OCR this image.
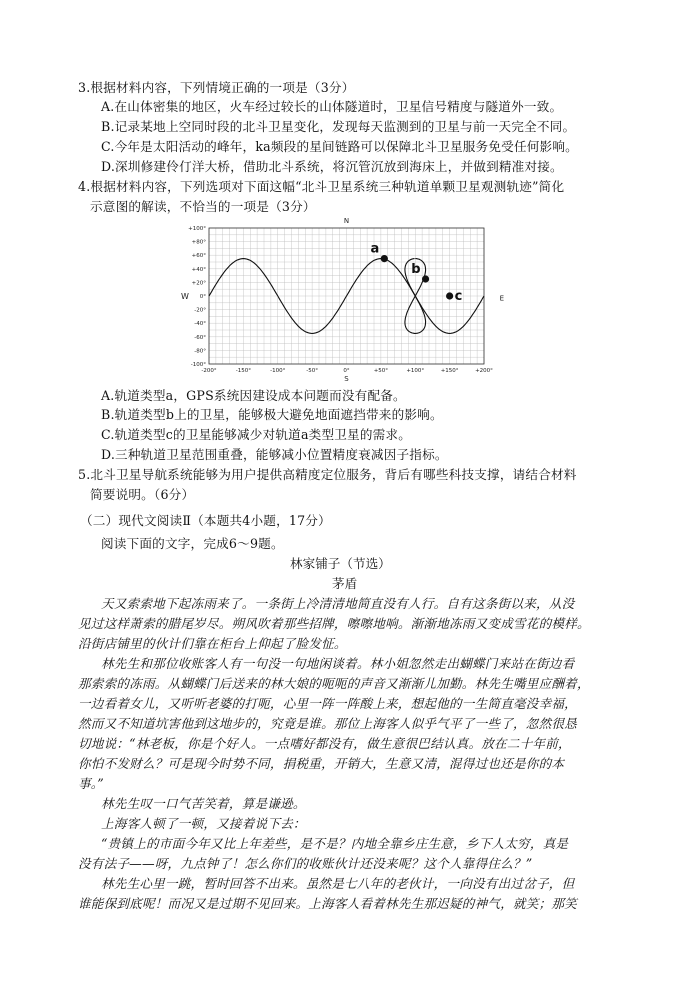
3.根据材料内容，下列情境正确的一项是（3分）
A.在山体密集的地区，火车经过较长的山体隧道时，卫星信号精度与隧道外一致。
B.记录某地上空同时段的北斗卫星变化，发现每天监测到的卫星与前一天完全不同。
C.今年是太阳活动的峰年，ka频段的星间链路可以保障北斗卫星服务免受任何影响。
D.深圳修建伶仃洋大桥，借助北斗系统，将沉管沉放到海床上，并做到精准对接。
4.根据材料内容，下列选项对下面这幅“北斗卫星系统三种轨道单颗卫星观测轨迹”简化
示意图的解读，不恰当的一项是（3分）
-200°	-150°	-100°	-50°	0°	+50°	+100°	+150°	+200°
+100°
+80°
+60°
+40°
+20°
0°
-20°
-40°
-60°
-80°
-100°
N
S
W	E
a
b
c
A.轨道类型a，GPS系统因建设成本问题而没有配备。
B.轨道类型b上的卫星，能够极大避免地面遮挡带来的影响。
C.轨道类型c的卫星能够减少对轨道a类型卫星的需求。
D.三种轨道卫星范围重叠，能够减小位置精度衰减因子指标。
5.北斗卫星导航系统能够为用户提供高精度定位服务，背后有哪些科技支撑，请结合材料
简要说明。（6分）
（二）现代文阅读Ⅱ（本题共4小题，17分）
阅读下面的文字，完成6～9题。
林家铺子（节选）
茅盾
天又索索地下起冻雨来了。一条街上冷清清地简直没有人行。自有这条街以来，从没
见过这样萧索的腊尾岁尽。朔风吹着那些招牌，嚓嚓地响。渐渐地冻雨又变成雪花的模样。
沿街店铺里的伙计们靠在柜台上仰起了脸发怔。
林先生和那位收账客人有一句没一句地闲谈着。林小姐忽然走出蝴蝶门来站在街边看
那索索的冻雨。从蝴蝶门后送来的林大娘的呃呃的声音又渐渐儿加勤。林先生嘴里应酬着，
一边看着女儿，又听听老婆的打呃，心里一阵一阵酸上来，想起他的一生简直毫没幸福，
然而又不知道坑害他到这地步的，究竟是谁。那位上海客人似乎气平了一些了，忽然很恳
切地说：“林老板，你是个好人。一点嗜好都没有，做生意很巴结认真。放在二十年前，
你怕不发财么？可是现今时势不同，捐税重，开销大，生意又清，混得过也还是你的本
事。”
林先生叹一口气苦笑着，算是谦逊。
上海客人顿了一顿，又接着说下去：
“贵镇上的市面今年又比上年差些，是不是？内地全靠乡庄生意，乡下人太穷，真是
没有法子——呀，九点钟了！怎么你们的收账伙计还没来呢？这个人靠得住么？”
林先生心里一跳，暂时回答不出来。虽然是七八年的老伙计，一向没有出过岔子，但
谁能保到底呢！而况又是过期不见回来。上海客人看着林先生那迟疑的神气，就笑；那笑
